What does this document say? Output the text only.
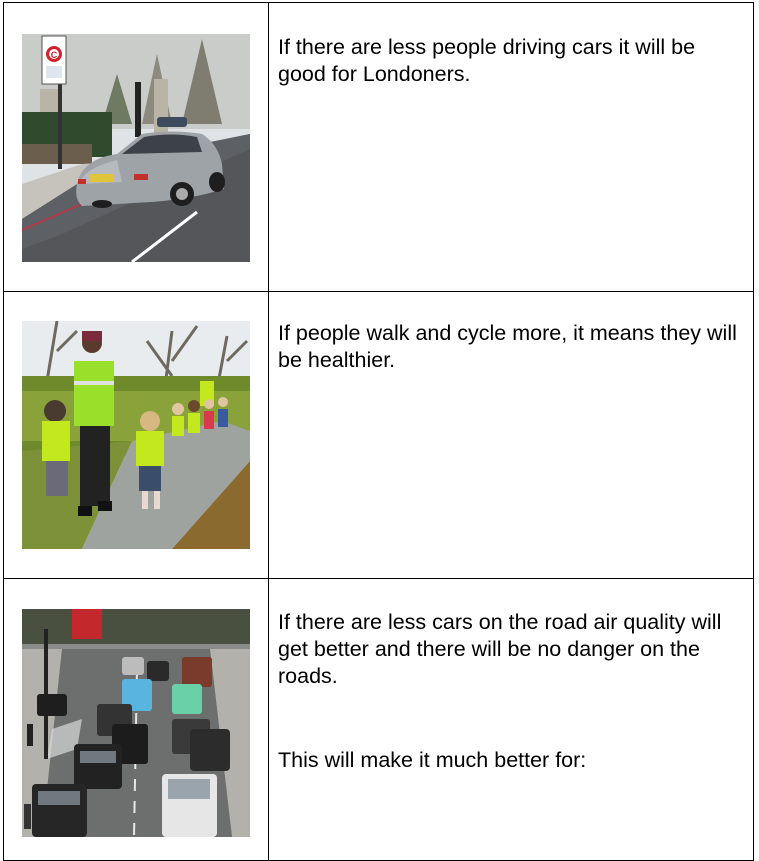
C	If there are less people driving cars it will be good for Londoners.

If people walk and cycle more, it means they will be healthier.

If there are less cars on the road air quality will get better and there will be no danger on the roads.

This will make it much better for:
